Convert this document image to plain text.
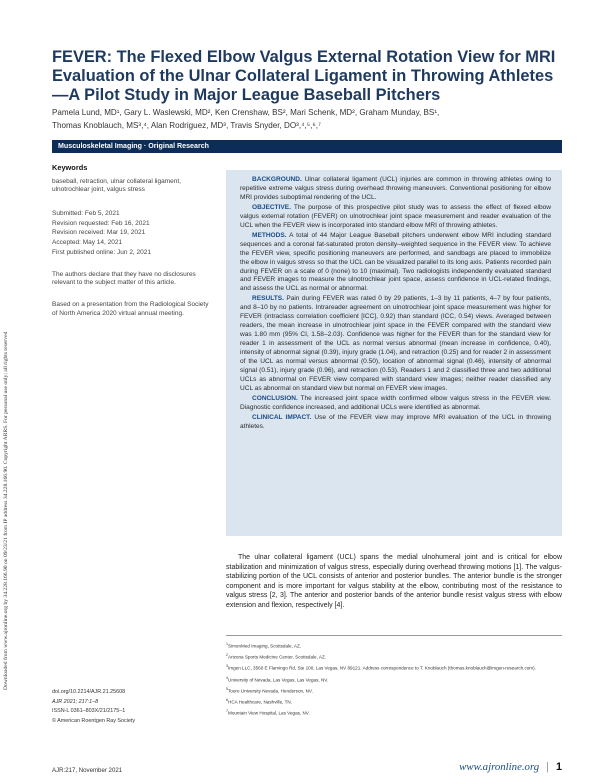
Downloaded from www.ajronline.org by 34.228.166.90 on 09/23/21 from IP address 34.228.166.90. Copyright ARRS. For personal use only; all rights reserved
FEVER: The Flexed Elbow Valgus External Rotation View for MRI Evaluation of the Ulnar Collateral Ligament in Throwing Athletes—A Pilot Study in Major League Baseball Pitchers
Pamela Lund, MD¹, Gary L. Waslewski, MD², Ken Crenshaw, BS², Mari Schenk, MD², Graham Munday, BS¹,
Thomas Knoblauch, MS³,⁴, Alan Rodriguez, MD³, Travis Snyder, DO³,⁴,⁵,⁶,⁷
Musculoskeletal Imaging · Original Research
Keywords

baseball, retraction, ulnar collateral ligament, ulnotrochlear joint, valgus stress

Submitted: Feb 5, 2021
Revision requested: Feb 16, 2021
Revision received: Mar 19, 2021
Accepted: May 14, 2021
First published online: Jun 2, 2021

The authors declare that they have no disclosures relevant to the subject matter of this article.

Based on a presentation from the Radiological Society of North America 2020 virtual annual meeting.

BACKGROUND. Ulnar collateral ligament (UCL) injuries are common in throwing athletes owing to repetitive extreme valgus stress during overhead throwing maneuvers. Conventional positioning for elbow MRI provides suboptimal rendering of the UCL.

OBJECTIVE. The purpose of this prospective pilot study was to assess the effect of flexed elbow valgus external rotation (FEVER) on ulnotrochlear joint space measurement and reader evaluation of the UCL when the FEVER view is incorporated into standard elbow MRI of throwing athletes.

METHODS. A total of 44 Major League Baseball pitchers underwent elbow MRI including standard sequences and a coronal fat-saturated proton density–weighted sequence in the FEVER view. To achieve the FEVER view, specific positioning maneuvers are performed, and sandbags are placed to immobilize the elbow in valgus stress so that the UCL can be visualized parallel to its long axis. Patients recorded pain during FEVER on a scale of 0 (none) to 10 (maximal). Two radiologists independently evaluated standard and FEVER images to measure the ulnotrochlear joint space, assess confidence in UCL-related findings, and assess the UCL as normal or abnormal.

RESULTS. Pain during FEVER was rated 0 by 29 patients, 1–3 by 11 patients, 4–7 by four patients, and 8–10 by no patients. Intrareader agreement on ulnotrochlear joint space measurement was higher for FEVER (intraclass correlation coefficient [ICC], 0.92) than standard (ICC, 0.54) views. Averaged between readers, the mean increase in ulnotrochlear joint space in the FEVER compared with the standard view was 1.80 mm (95% CI, 1.58–2.03). Confidence was higher for the FEVER than for the standard view for reader 1 in assessment of the UCL as normal versus abnormal (mean increase in confidence, 0.40), intensity of abnormal signal (0.39), injury grade (1.04), and retraction (0.25) and for reader 2 in assessment of the UCL as normal versus abnormal (0.50), location of abnormal signal (0.46), intensity of abnormal signal (0.51), injury grade (0.96), and retraction (0.53). Readers 1 and 2 classified three and two additional UCLs as abnormal on FEVER view compared with standard view images; neither reader classified any UCL as abnormal on standard view but normal on FEVER view images.

CONCLUSION. The increased joint space width confirmed elbow valgus stress in the FEVER view. Diagnostic confidence increased, and additional UCLs were identified as abnormal.

CLINICAL IMPACT. Use of the FEVER view may improve MRI evaluation of the UCL in throwing athletes.

The ulnar collateral ligament (UCL) spans the medial ulnohumeral joint and is critical for elbow stabilization and minimization of valgus stress, especially during overhead throwing motions [1]. The valgus-stabilizing portion of the UCL consists of anterior and posterior bundles. The anterior bundle is the stronger component and is more important for valgus stability at the elbow, contributing most of the resistance to valgus stress [2, 3]. The anterior and posterior bands of the anterior bundle resist valgus stress with elbow extension and flexion, respectively [4].

$^1$SimonMed Imaging, Scottsdale, AZ.
$^2$Arizona Sports Medicine Center, Scottsdale, AZ.
$^3$Imgen LLC, 3560 E Flamingo Rd, Ste 100, Las Vegas, NV 89121. Address correspondence to T. Knoblauch (thomas.knoblauch@imgen-research.com).
$^4$University of Nevada, Las Vegas, Las Vegas, NV.
$^5$Touro University Nevada, Henderson, NV.
$^6$HCA Healthcare, Nashville, TN.
$^7$Mountain View Hospital, Las Vegas, NV.
doi.org/10.2214/AJR.21.25608
AJR 2021; 217:1–8
ISSN-L 0361–803X/21/2175–1
© American Roentgen Ray Society
AJR:217, November 2021	www.ajronline.org | 1
